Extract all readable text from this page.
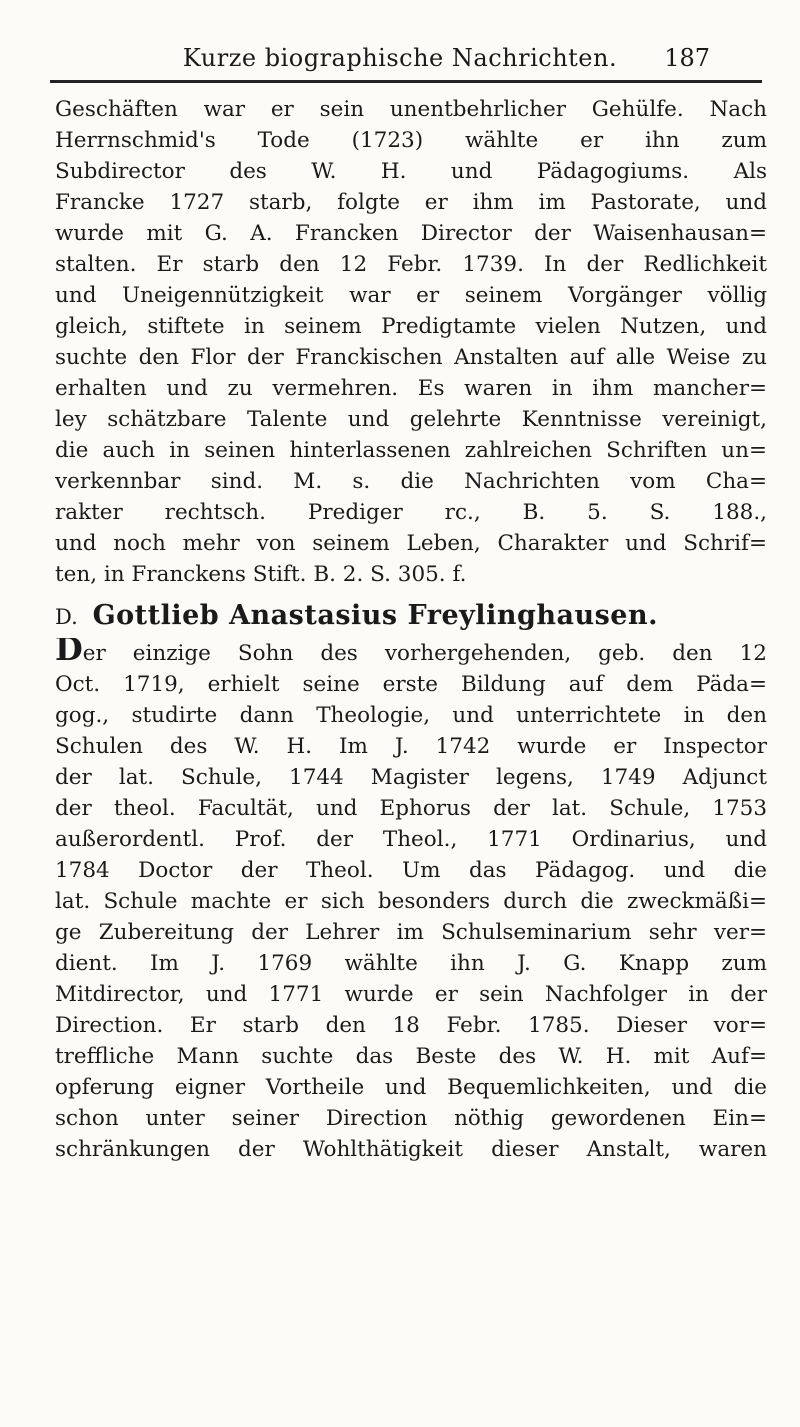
Kurze biographische Nachrichten.	187
Geschäften war er sein unentbehrlicher Gehülfe. Nach
Herrnschmid's Tode (1723) wählte er ihn zum
Subdirector des W. H. und Pädagogiums. Als
Francke 1727 starb, folgte er ihm im Pastorate, und
wurde mit G. A. Francken Director der Waisenhausan=
stalten. Er starb den 12 Febr. 1739. In der Redlichkeit
und Uneigennützigkeit war er seinem Vorgänger völlig
gleich, stiftete in seinem Predigtamte vielen Nutzen, und
suchte den Flor der Franckischen Anstalten auf alle Weise zu
erhalten und zu vermehren. Es waren in ihm mancher=
ley schätzbare Talente und gelehrte Kenntnisse vereinigt,
die auch in seinen hinterlassenen zahlreichen Schriften un=
verkennbar sind. M. s. die Nachrichten vom Cha=
rakter rechtsch. Prediger rc., B. 5. S. 188.,
und noch mehr von seinem Leben, Charakter und Schrif=
ten, in Franckens Stift. B. 2. S. 305. f.
D. Gottlieb Anastasius Freylinghausen.
Der einzige Sohn des vorhergehenden, geb. den 12
Oct. 1719, erhielt seine erste Bildung auf dem Päda=
gog., studirte dann Theologie, und unterrichtete in den
Schulen des W. H. Im J. 1742 wurde er Inspector
der lat. Schule, 1744 Magister legens, 1749 Adjunct
der theol. Facultät, und Ephorus der lat. Schule, 1753
außerordentl. Prof. der Theol., 1771 Ordinarius, und
1784 Doctor der Theol. Um das Pädagog. und die
lat. Schule machte er sich besonders durch die zweckmäßi=
ge Zubereitung der Lehrer im Schulseminarium sehr ver=
dient. Im J. 1769 wählte ihn J. G. Knapp zum
Mitdirector, und 1771 wurde er sein Nachfolger in der
Direction. Er starb den 18 Febr. 1785. Dieser vor=
treffliche Mann suchte das Beste des W. H. mit Auf=
opferung eigner Vortheile und Bequemlichkeiten, und die
schon unter seiner Direction nöthig gewordenen Ein=
schränkungen der Wohlthätigkeit dieser Anstalt, waren
